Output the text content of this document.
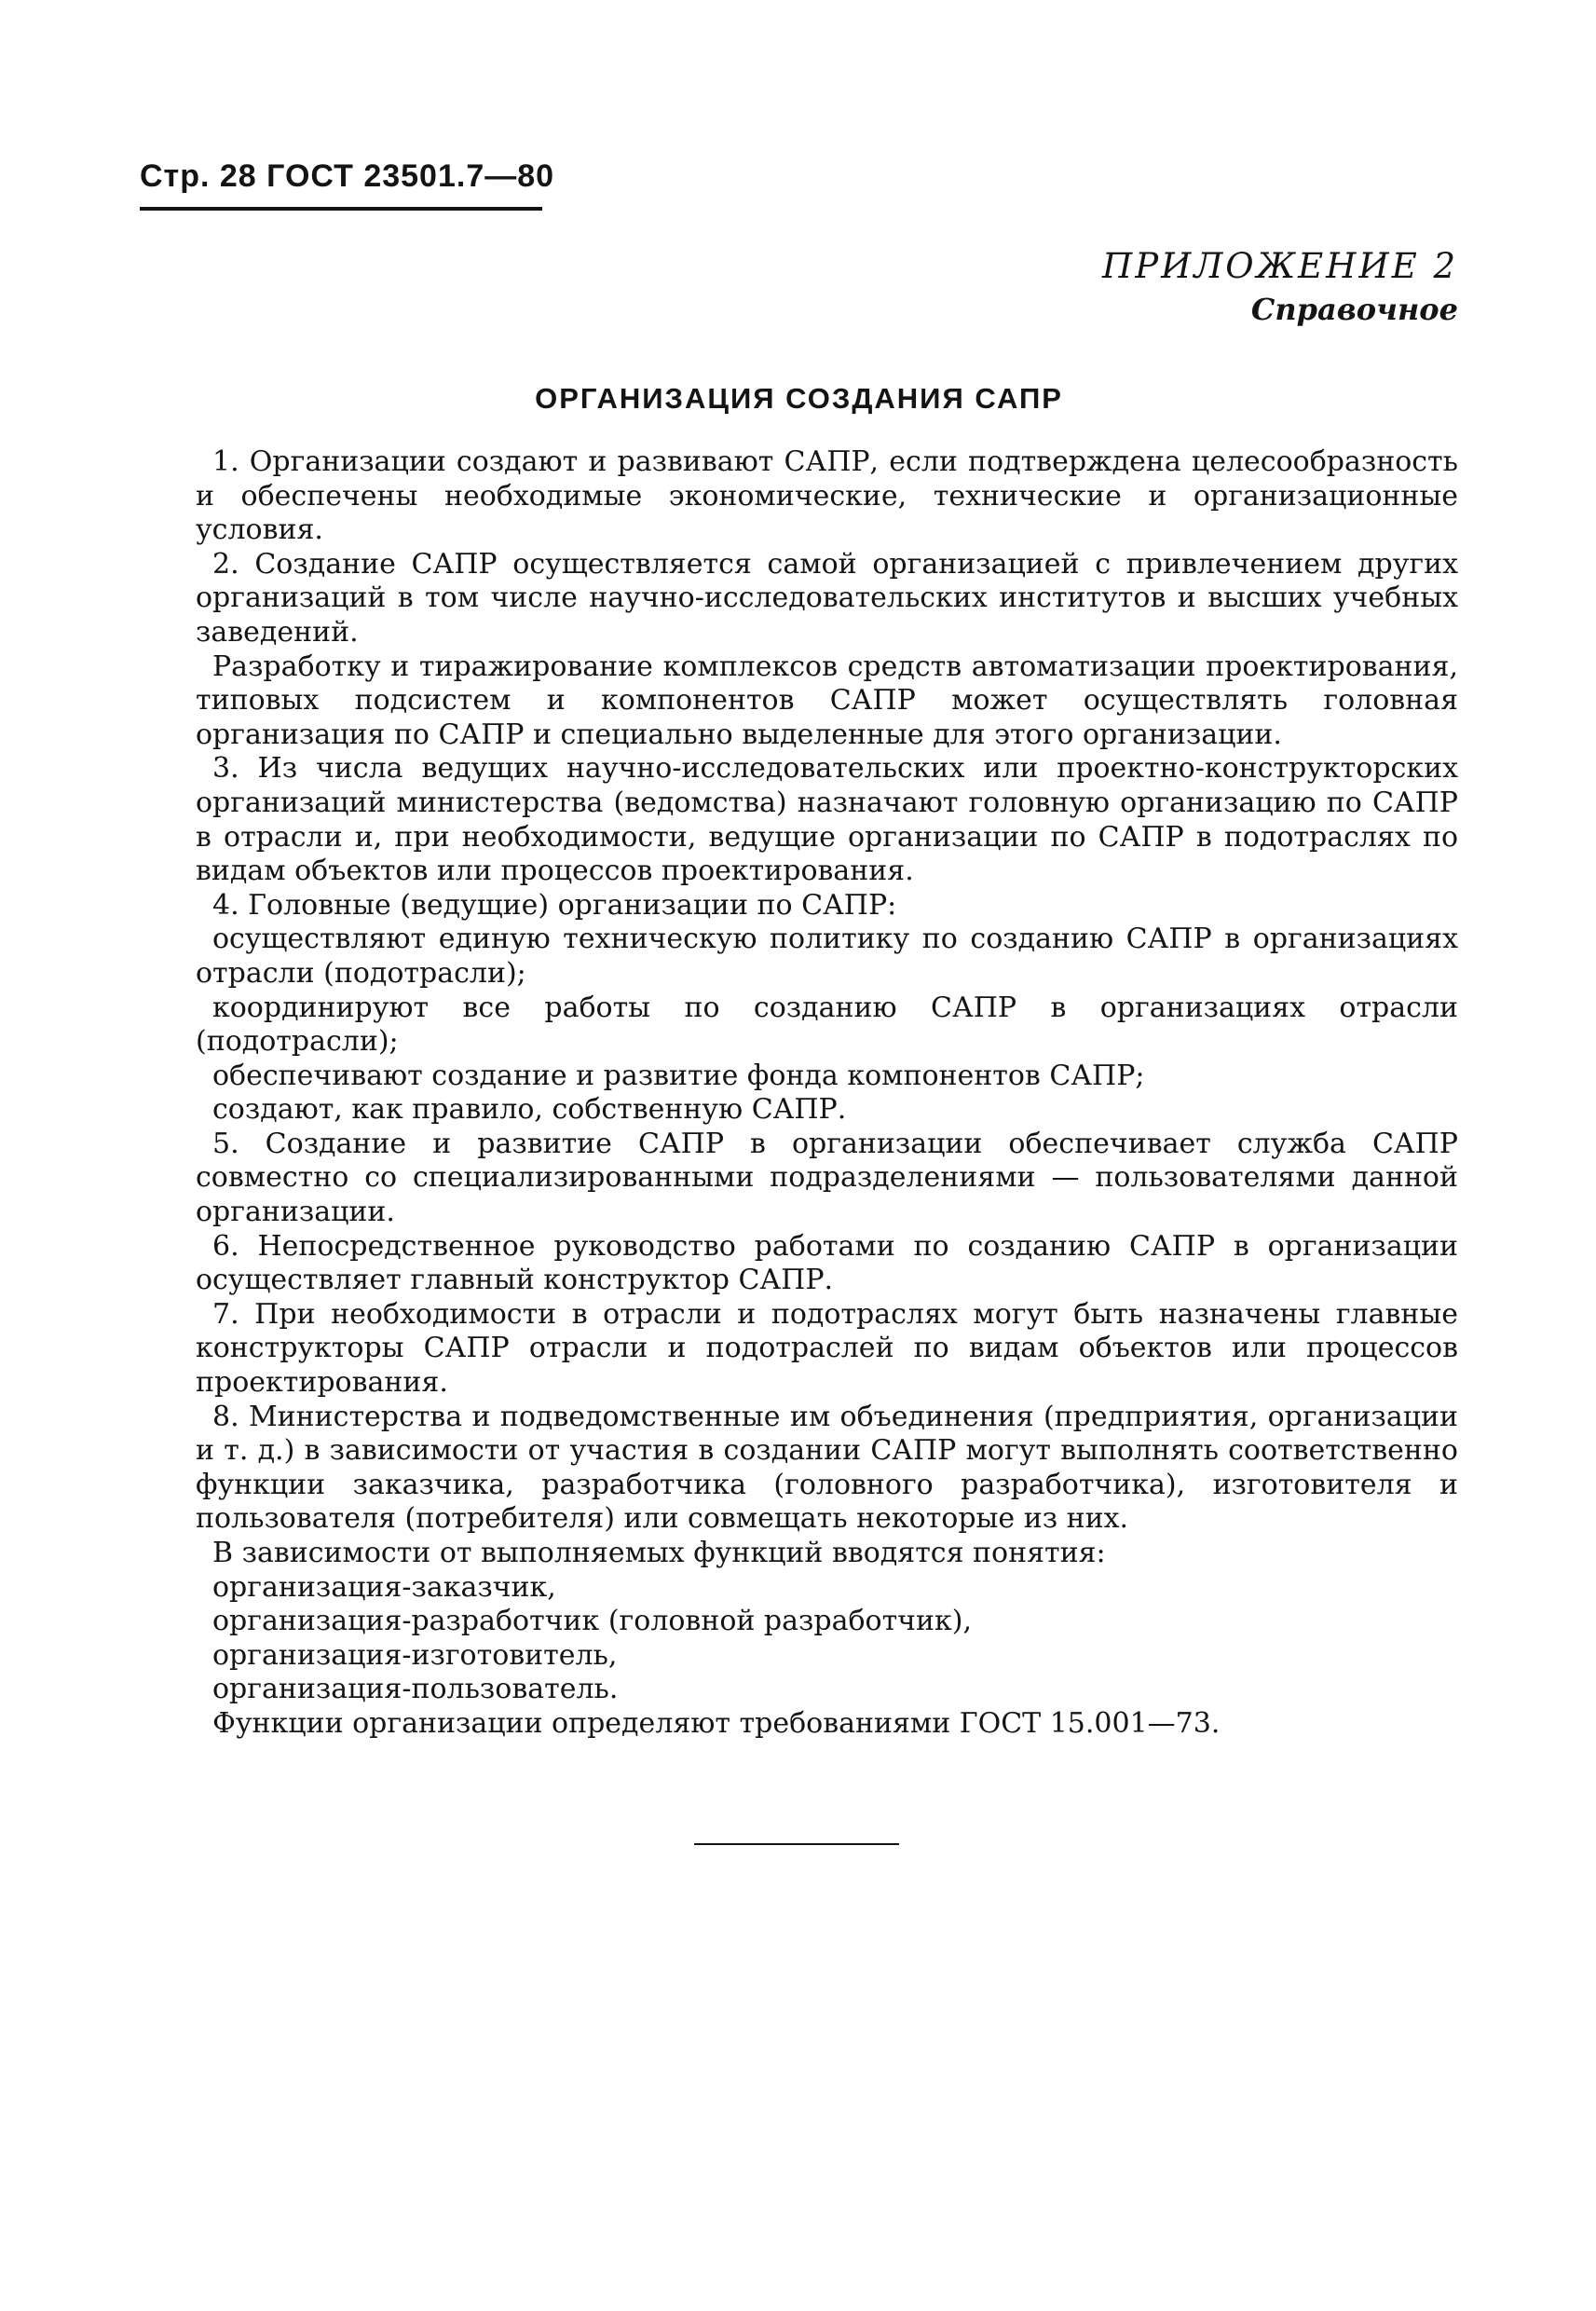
Стр. 28 ГОСТ 23501.7—80
ПРИЛОЖЕНИЕ 2
Справочное
ОРГАНИЗАЦИЯ СОЗДАНИЯ САПР

1. Организации создают и развивают САПР, если подтверждена целесообразность и обеспечены необходимые экономические, технические и организационные условия.

2. Создание САПР осуществляется самой организацией с привлечением других организаций в том числе научно-исследовательских институтов и высших учебных заведений.

Разработку и тиражирование комплексов средств автоматизации проектирования, типовых подсистем и компонентов САПР может осуществлять головная организация по САПР и специально выделенные для этого организации.

3. Из числа ведущих научно-исследовательских или проектно-конструкторских организаций министерства (ведомства) назначают головную организацию по САПР в отрасли и, при необходимости, ведущие организации по САПР в подотраслях по видам объектов или процессов проектирования.

4. Головные (ведущие) организации по САПР:

осуществляют единую техническую политику по созданию САПР в организациях отрасли (подотрасли);

координируют все работы по созданию САПР в организациях отрасли (подотрасли);

обеспечивают создание и развитие фонда компонентов САПР;

создают, как правило, собственную САПР.

5. Создание и развитие САПР в организации обеспечивает служба САПР совместно со специализированными подразделениями — пользователями данной организации.

6. Непосредственное руководство работами по созданию САПР в организации осуществляет главный конструктор САПР.

7. При необходимости в отрасли и подотраслях могут быть назначены главные конструкторы САПР отрасли и подотраслей по видам объектов или процессов проектирования.

8. Министерства и подведомственные им объединения (предприятия, организации и т. д.) в зависимости от участия в создании САПР могут выполнять соответственно функции заказчика, разработчика (головного разработчика), изготовителя и пользователя (потребителя) или совмещать некоторые из них.

В зависимости от выполняемых функций вводятся понятия:

организация-заказчик,

организация-разработчик (головной разработчик),

организация-изготовитель,

организация-пользователь.

Функции организации определяют требованиями ГОСТ 15.001—73.
